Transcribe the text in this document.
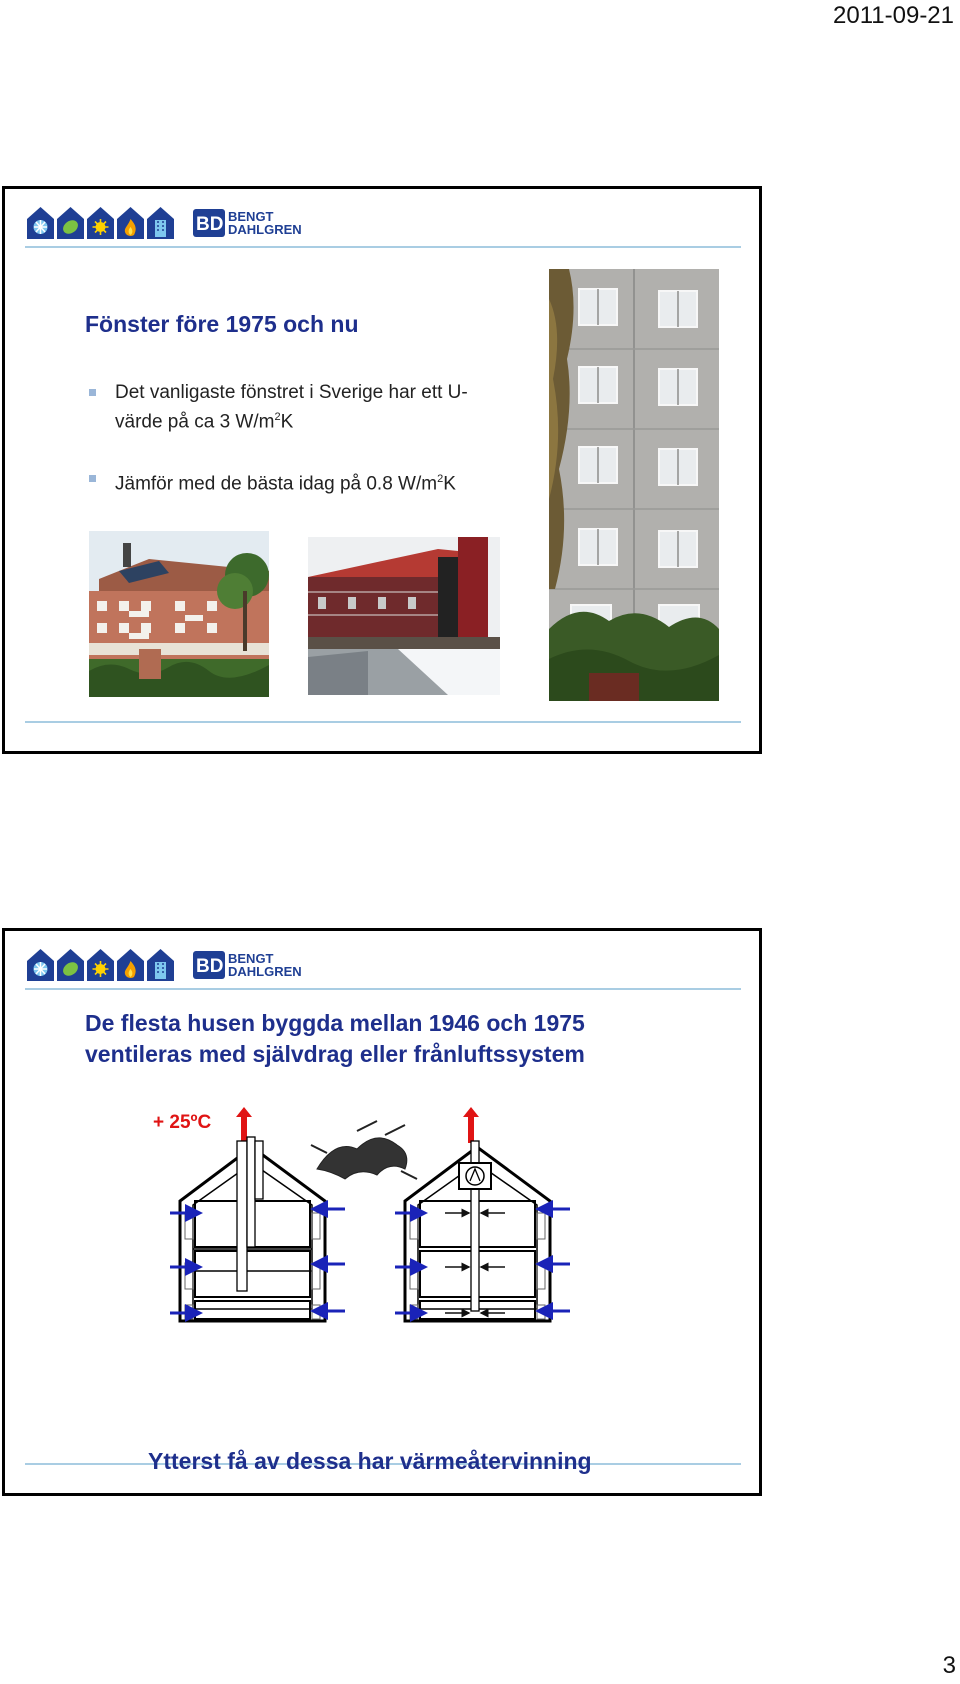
2011-09-21
BD BENGT
DAHLGREN
Fönster före 1975 och nu
Det vanligaste fönstret i Sverige har ett U-
värde på ca 3 $W/m^2K$
Jämför med de bästa idag på 0.8 $W/m^2K$
BD BENGT
DAHLGREN
De flesta husen byggda mellan 1946 och 1975
ventileras med självdrag eller frånluftssystem
+ 25ºC
Ytterst få av dessa har värmeåtervinning
3
